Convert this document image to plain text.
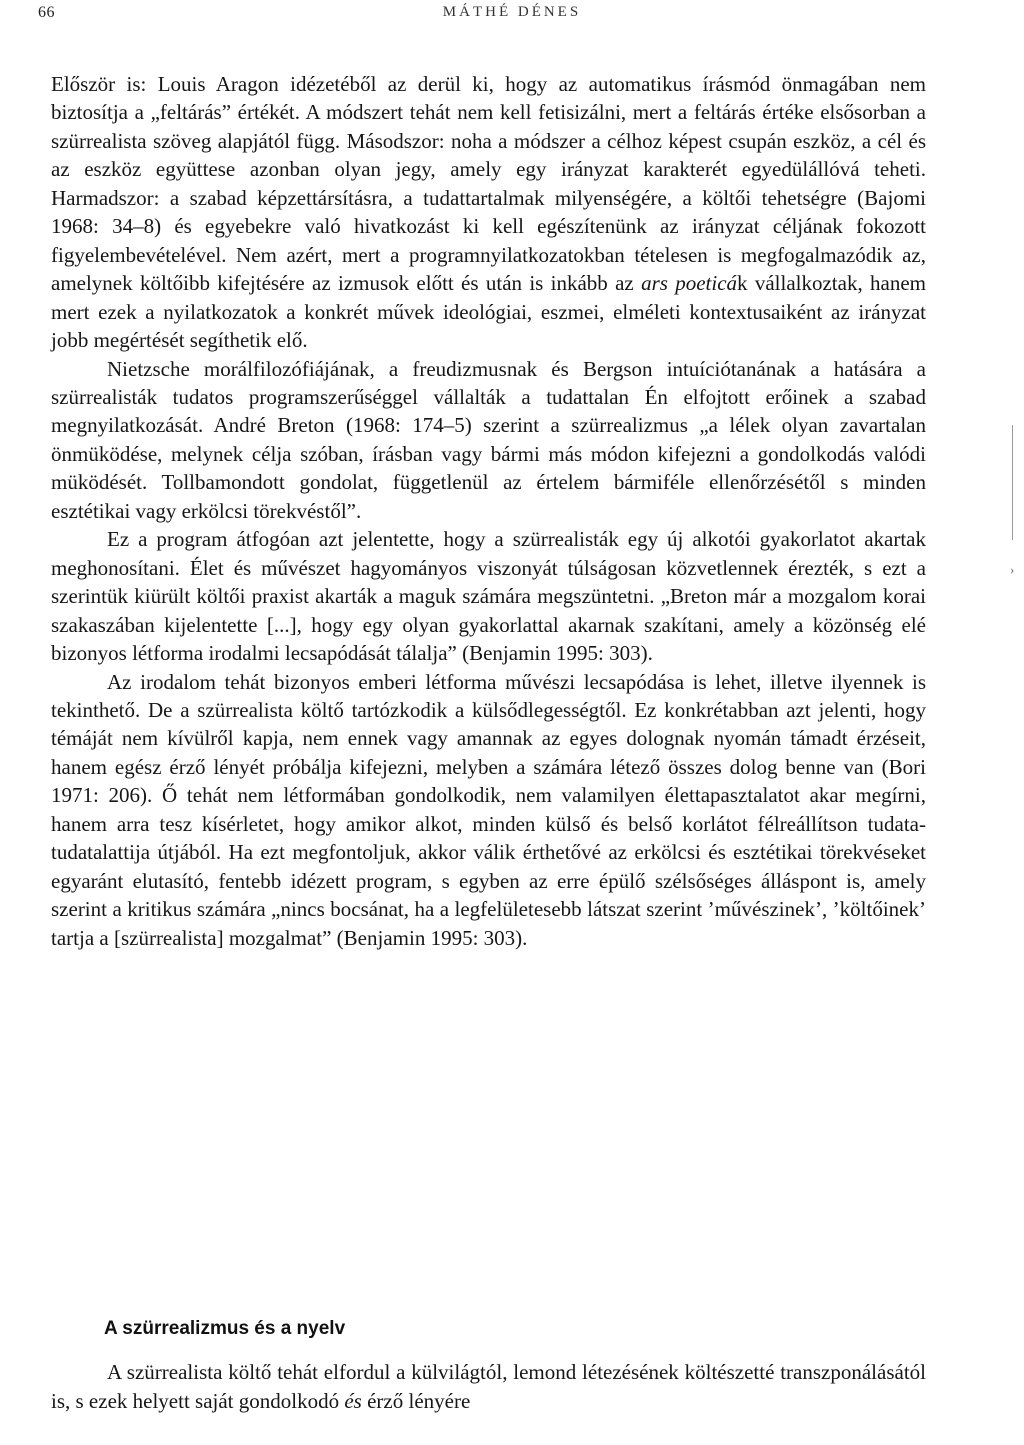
66	MÁTHÉ DÉNES

Először is: Louis Aragon idézetéből az derül ki, hogy az automatikus írásmód önmagában nem biztosítja a „feltárás” értékét. A módszert tehát nem kell fetisizálni, mert a feltárás értéke elsősorban a szürrealista szöveg alapjától függ. Másodszor: noha a módszer a célhoz képest csupán eszköz, a cél és az eszköz együttese azonban olyan jegy, amely egy irányzat karakterét egyedülállóvá teheti. Harmadszor: a szabad képzettársításra, a tudattartalmak milyenségére, a költői tehetségre (Bajomi 1968: 34–8) és egyebekre való hivatkozást ki kell egészítenünk az irányzat céljának fokozott figyelembevételével. Nem azért, mert a programnyilatkozatokban tételesen is megfogalmazódik az, amelynek költőibb kifejtésére az izmusok előtt és után is inkább az ars poeticák vállalkoztak, hanem mert ezek a nyilatkozatok a konkrét művek ideológiai, eszmei, elméleti kontextusaiként az irányzat jobb megértését segíthetik elő.

Nietzsche morálfilozófiájának, a freudizmusnak és Bergson intuíciótanának a hatására a szürrealisták tudatos programszerűséggel vállalták a tudattalan Én elfojtott erőinek a szabad megnyilatkozását. André Breton (1968: 174–5) szerint a szürrealizmus „a lélek olyan zavartalan önmüködése, melynek célja szóban, írásban vagy bármi más módon kifejezni a gondolkodás valódi müködését. Tollbamondott gondolat, függetlenül az értelem bármiféle ellenőrzésétől s minden esztétikai vagy erkölcsi törekvéstől”.

Ez a program átfogóan azt jelentette, hogy a szürrealisták egy új alkotói gyakorlatot akartak meghonosítani. Élet és művészet hagyományos viszonyát túlságosan közvetlennek érezték, s ezt a szerintük kiürült költői praxist akarták a maguk számára megszüntetni. „Breton már a mozgalom korai szakaszában kijelentette [...], hogy egy olyan gyakorlattal akarnak szakítani, amely a közönség elé bizonyos létforma irodalmi lecsapódását tálalja” (Benjamin 1995: 303).

Az irodalom tehát bizonyos emberi létforma művészi lecsapódása is lehet, illetve ilyennek is tekinthető. De a szürrealista költő tartózkodik a külsődlegességtől. Ez konkrétabban azt jelenti, hogy témáját nem kívülről kapja, nem ennek vagy amannak az egyes dolognak nyomán támadt érzéseit, hanem egész érző lényét próbálja kifejezni, melyben a számára létező összes dolog benne van (Bori 1971: 206). Ő tehát nem létformában gondolkodik, nem valamilyen élettapasztalatot akar megírni, hanem arra tesz kísérletet, hogy amikor alkot, minden külső és belső korlátot félreállítson tudata-tudatalattija útjából. Ha ezt megfontoljuk, akkor válik érthetővé az erkölcsi és esztétikai törekvéseket egyaránt elutasító, fentebb idézett program, s egyben az erre épülő szélsőséges álláspont is, amely szerint a kritikus számára „nincs bocsánat, ha a legfelületesebb látszat szerint ’művészinek’, ’költőinek’ tartja a [szürrealista] mozgalmat” (Benjamin 1995: 303).

A szürrealizmus és a nyelv

A szürrealista költő tehát elfordul a külvilágtól, lemond létezésének költészetté transzponálásától is, s ezek helyett saját gondolkodó és érző lényére

›
